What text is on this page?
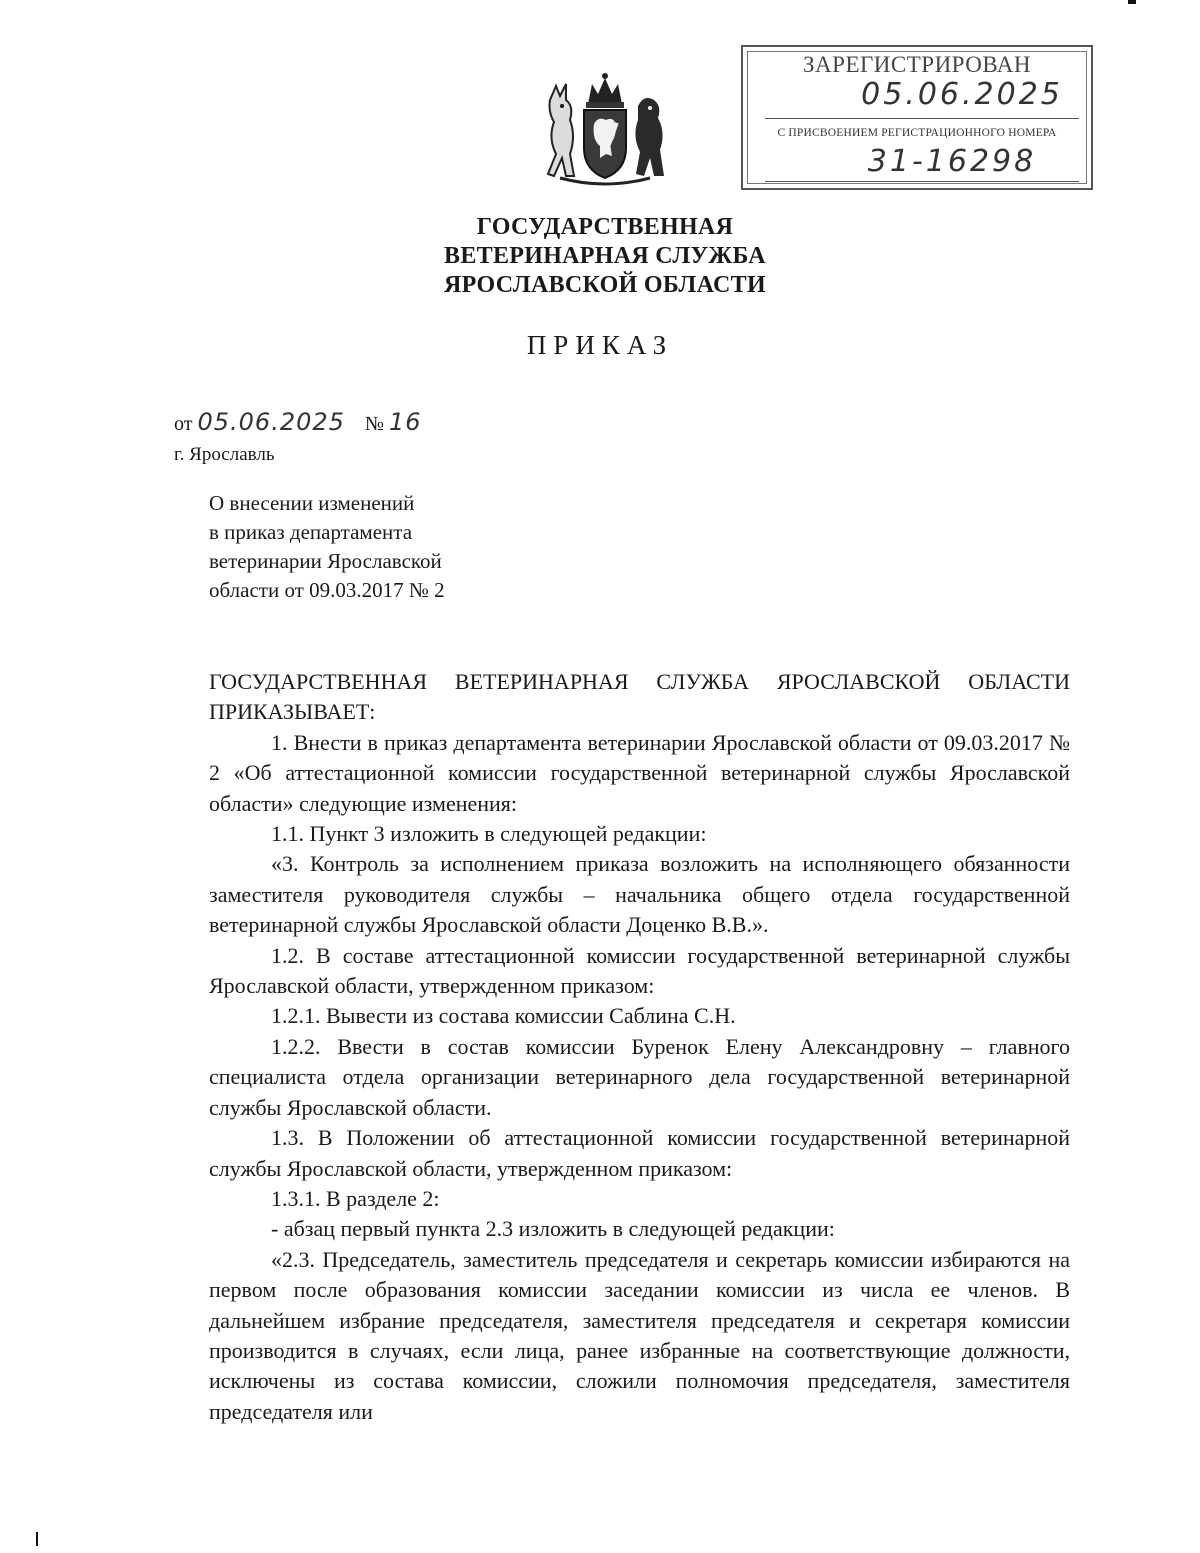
ЗАРЕГИСТРИРОВАН
05.06.2025
С ПРИСВОЕНИЕМ РЕГИСТРАЦИОННОГО НОМЕРА
31-16298
ГОСУДАРСТВЕННАЯ
ВЕТЕРИНАРНАЯ СЛУЖБА
ЯРОСЛАВСКОЙ ОБЛАСТИ
ПРИКАЗ
от 05.06.2025 № 16
г. Ярославль
О внесении изменений
в приказ департамента
ветеринарии Ярославской
области от 09.03.2017 № 2

ГОСУДАРСТВЕННАЯ ВЕТЕРИНАРНАЯ СЛУЖБА ЯРОСЛАВСКОЙ ОБЛАСТИ ПРИКАЗЫВАЕТ:

1. Внести в приказ департамента ветеринарии Ярославской области от 09.03.2017 № 2 «Об аттестационной комиссии государственной ветеринарной службы Ярославской области» следующие изменения:

1.1. Пункт 3 изложить в следующей редакции:

«3. Контроль за исполнением приказа возложить на исполняющего обязанности заместителя руководителя службы – начальника общего отдела государственной ветеринарной службы Ярославской области Доценко В.В.».

1.2. В составе аттестационной комиссии государственной ветеринарной службы Ярославской области, утвержденном приказом:

1.2.1. Вывести из состава комиссии Саблина С.Н.

1.2.2. Ввести в состав комиссии Буренок Елену Александровну – главного специалиста отдела организации ветеринарного дела государственной ветеринарной службы Ярославской области.

1.3. В Положении об аттестационной комиссии государственной ветеринарной службы Ярославской области, утвержденном приказом:

1.3.1. В разделе 2:

- абзац первый пункта 2.3 изложить в следующей редакции:

«2.3. Председатель, заместитель председателя и секретарь комиссии избираются на первом после образования комиссии заседании комиссии из числа ее членов. В дальнейшем избрание председателя, заместителя председателя и секретаря комиссии производится в случаях, если лица, ранее избранные на соответствующие должности, исключены из состава комиссии, сложили полномочия председателя, заместителя председателя или
